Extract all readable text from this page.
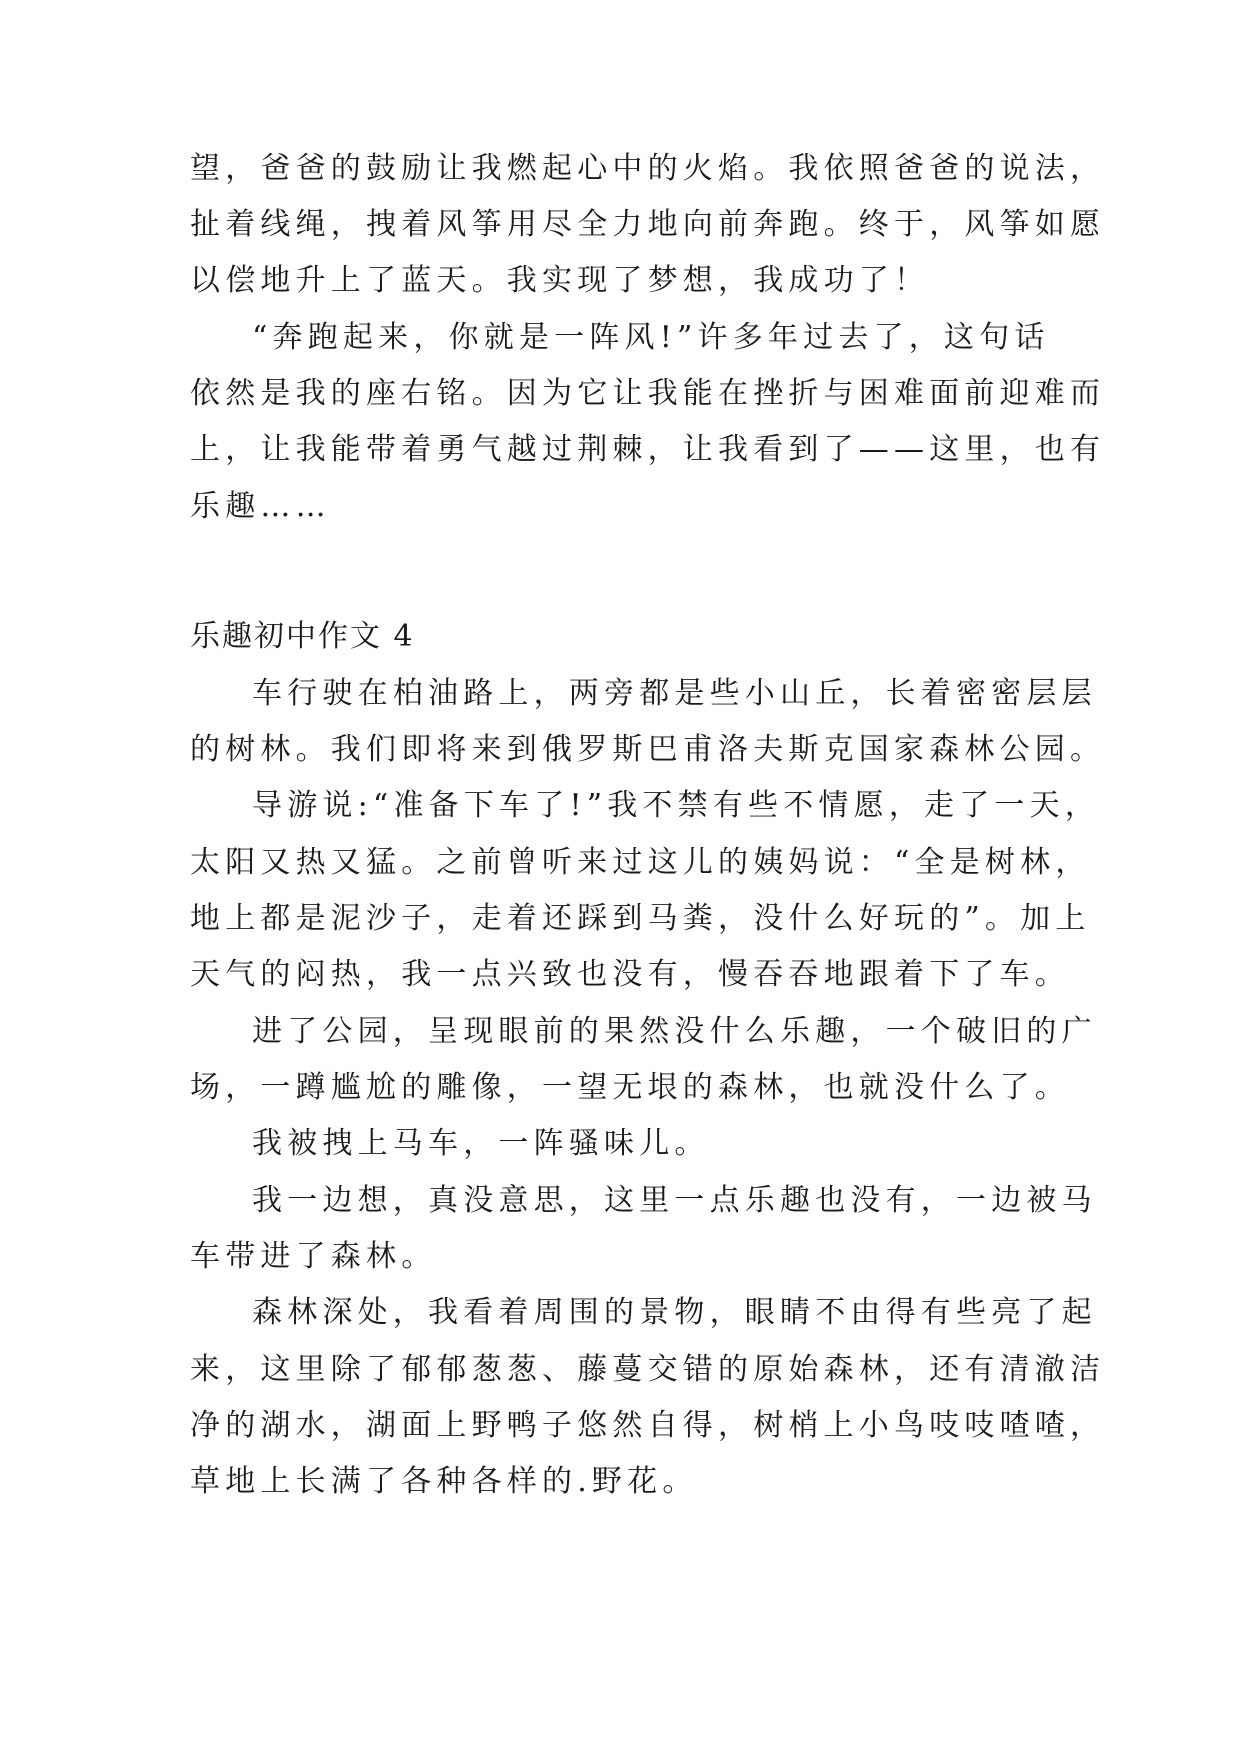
望，爸爸的鼓励让我燃起心中的火焰。我依照爸爸的说法，
扯着线绳，拽着风筝用尽全力地向前奔跑。终于，风筝如愿
以偿地升上了蓝天。我实现了梦想，我成功了！
“奔跑起来，你就是一阵风!”许多年过去了，这句话
依然是我的座右铭。因为它让我能在挫折与困难面前迎难而
上，让我能带着勇气越过荆棘，让我看到了——这里，也有
乐趣……
乐趣初中作文 4
车行驶在柏油路上，两旁都是些小山丘，长着密密层层
的树林。我们即将来到俄罗斯巴甫洛夫斯克国家森林公园。
导游说:“准备下车了!”我不禁有些不情愿，走了一天，
太阳又热又猛。之前曾听来过这儿的姨妈说：“全是树林，
地上都是泥沙子，走着还踩到马粪，没什么好玩的”。加上
天气的闷热，我一点兴致也没有，慢吞吞地跟着下了车。
进了公园，呈现眼前的果然没什么乐趣，一个破旧的广
场，一蹲尴尬的雕像，一望无垠的森林，也就没什么了。
我被拽上马车，一阵骚味儿。
我一边想，真没意思，这里一点乐趣也没有，一边被马
车带进了森林。
森林深处，我看着周围的景物，眼睛不由得有些亮了起
来，这里除了郁郁葱葱、藤蔓交错的原始森林，还有清澈洁
净的湖水，湖面上野鸭子悠然自得，树梢上小鸟吱吱喳喳，
草地上长满了各种各样的.野花。
